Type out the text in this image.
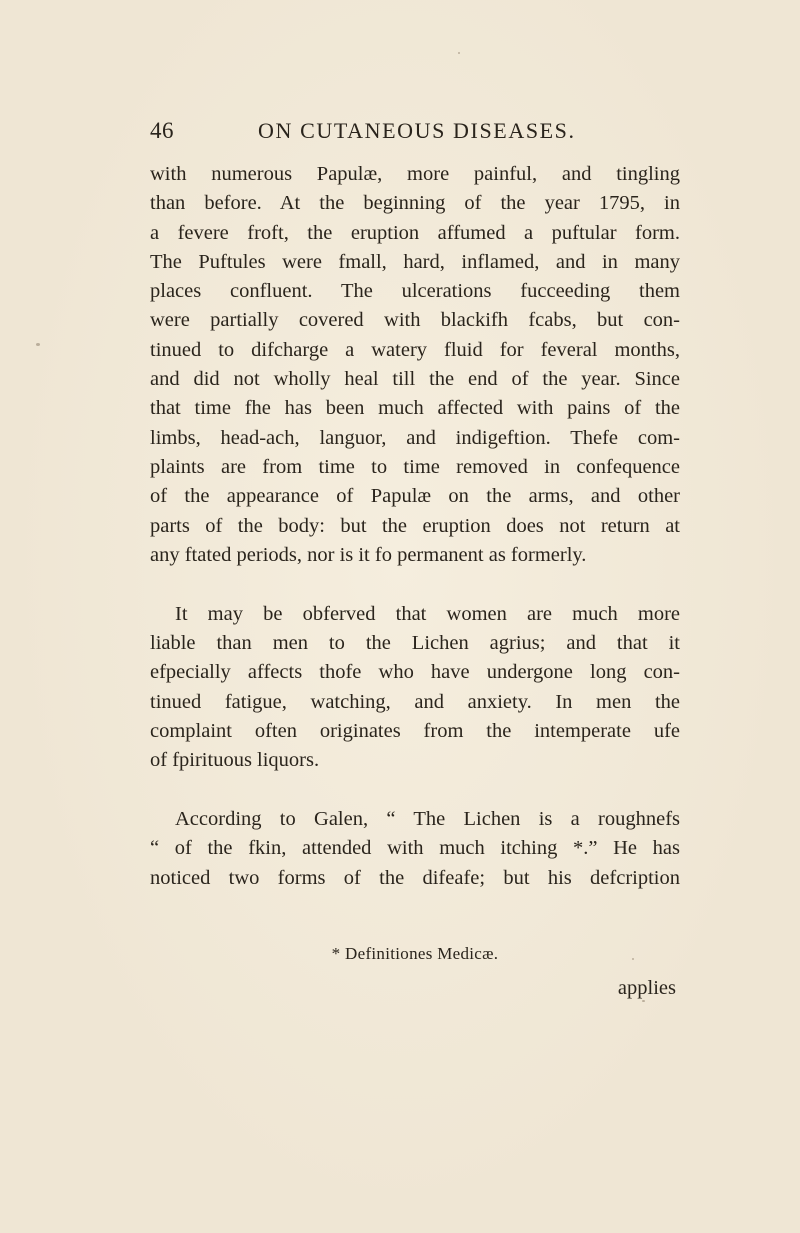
46	ON CUTANEOUS DISEASES.
with numerous Papulæ, more painful, and tingling
than before. At the beginning of the year 1795, in
a fevere froft, the eruption affumed a puftular form.
The Puftules were fmall, hard, inflamed, and in many
places confluent. The ulcerations fucceeding them
were partially covered with blackifh fcabs, but con-
tinued to difcharge a watery fluid for feveral months,
and did not wholly heal till the end of the year. Since
that time fhe has been much affected with pains of the
limbs, head-ach, languor, and indigeftion. Thefe com-
plaints are from time to time removed in confequence
of the appearance of Papulæ on the arms, and other
parts of the body: but the eruption does not return at
any ftated periods, nor is it fo permanent as formerly.
It may be obferved that women are much more
liable than men to the Lichen agrius; and that it
efpecially affects thofe who have undergone long con-
tinued fatigue, watching, and anxiety. In men the
complaint often originates from the intemperate ufe
of fpirituous liquors.
According to Galen, “ The Lichen is a roughnefs
“ of the fkin, attended with much itching *.” He has
noticed two forms of the difeafe; but his defcription
* Definitiones Medicæ.
applies
